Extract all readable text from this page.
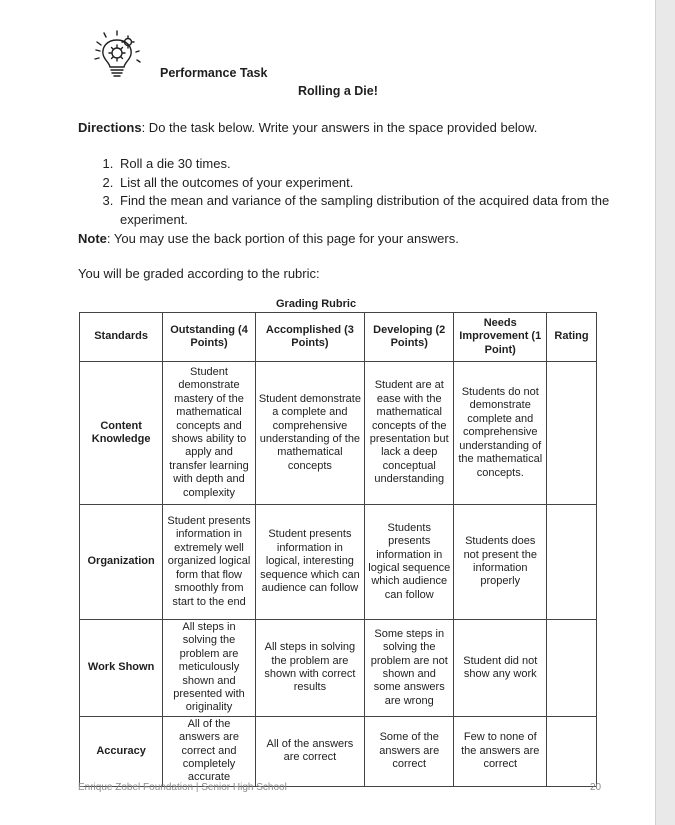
Performance Task
Rolling a Die!
Directions: Do the task below. Write your answers in the space provided below.
1. Roll a die 30 times.
2. List all the outcomes of your experiment.
3. Find the mean and variance of the sampling distribution of the acquired data from the experiment.
Note: You may use the back portion of this page for your answers.
You will be graded according to the rubric:
Grading Rubric
Standards	Outstanding (4 Points)	Accomplished (3 Points)	Developing (2 Points)	Needs Improvement (1 Point)	Rating
Content Knowledge	Student demonstrate mastery of the mathematical concepts and shows ability to apply and transfer learning with depth and complexity	Student demonstrate a complete and comprehensive understanding of the mathematical concepts	Student are at ease with the mathematical concepts of the presentation but lack a deep conceptual understanding	Students do not demonstrate complete and comprehensive understanding of the mathematical concepts.	
Organization	Student presents information in extremely well organized logical form that flow smoothly from start to the end	Student presents information in logical, interesting sequence which can audience can follow	Students presents information in logical sequence which audience can follow	Students does not present the information properly	
Work Shown	All steps in solving the problem are meticulously shown and presented with originality	All steps in solving the problem are shown with correct results	Some steps in solving the problem are not shown and some answers are wrong	Student did not show any work	
Accuracy	All of the answers are correct and completely accurate	All of the answers are correct	Some of the answers are correct	Few to none of the answers are correct	
Enrique Zobel Foundation | Senior High School	20
